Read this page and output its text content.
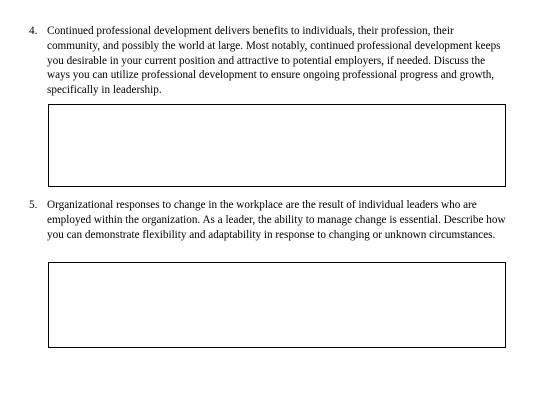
4. Continued professional development delivers benefits to individuals, their profession, their community, and possibly the world at large. Most notably, continued professional development keeps you desirable in your current position and attractive to potential employers, if needed. Discuss the ways you can utilize professional development to ensure ongoing professional progress and growth, specifically in leadership.
5. Organizational responses to change in the workplace are the result of individual leaders who are employed within the organization. As a leader, the ability to manage change is essential. Describe how you can demonstrate flexibility and adaptability in response to changing or unknown circumstances.
